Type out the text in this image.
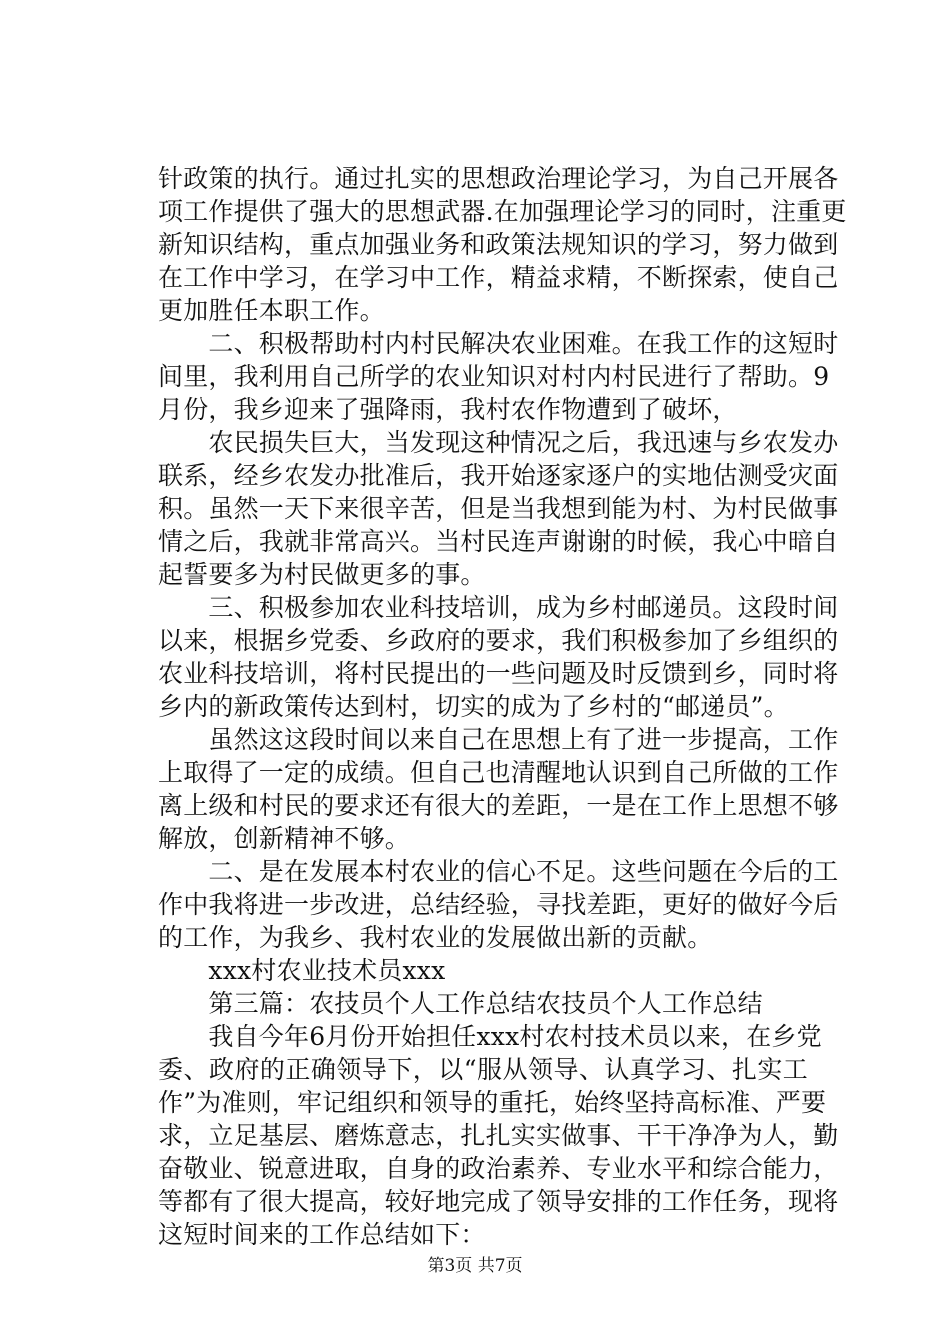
针政策的执行。通过扎实的思想政治理论学习，为自己开展各
项工作提供了强大的思想武器.在加强理论学习的同时，注重更
新知识结构，重点加强业务和政策法规知识的学习，努力做到
在工作中学习，在学习中工作，精益求精，不断探索，使自己
更加胜任本职工作。
　　二、积极帮助村内村民解决农业困难。在我工作的这短时
间里，我利用自己所学的农业知识对村内村民进行了帮助。9
月份，我乡迎来了强降雨，我村农作物遭到了破坏，
　　农民损失巨大，当发现这种情况之后，我迅速与乡农发办
联系，经乡农发办批准后，我开始逐家逐户的实地估测受灾面
积。虽然一天下来很辛苦，但是当我想到能为村、为村民做事
情之后，我就非常高兴。当村民连声谢谢的时候，我心中暗自
起誓要多为村民做更多的事。
　　三、积极参加农业科技培训，成为乡村邮递员。这段时间
以来，根据乡党委、乡政府的要求，我们积极参加了乡组织的
农业科技培训，将村民提出的一些问题及时反馈到乡，同时将
乡内的新政策传达到村，切实的成为了乡村的“邮递员”。
　　虽然这这段时间以来自己在思想上有了进一步提高，工作
上取得了一定的成绩。但自己也清醒地认识到自己所做的工作
离上级和村民的要求还有很大的差距，一是在工作上思想不够
解放，创新精神不够。
　　二、是在发展本村农业的信心不足。这些问题在今后的工
作中我将进一步改进，总结经验，寻找差距，更好的做好今后
的工作，为我乡、我村农业的发展做出新的贡献。
　　xxx村农业技术员xxx
　　第三篇：农技员个人工作总结农技员个人工作总结
　　我自今年6月份开始担任xxx村农村技术员以来，在乡党
委、政府的正确领导下，以“服从领导、认真学习、扎实工
作”为准则，牢记组织和领导的重托，始终坚持高标准、严要
求，立足基层、磨炼意志，扎扎实实做事、干干净净为人，勤
奋敬业、锐意进取，自身的政治素养、专业水平和综合能力，
等都有了很大提高，较好地完成了领导安排的工作任务，现将
这短时间来的工作总结如下：
第3页 共7页
